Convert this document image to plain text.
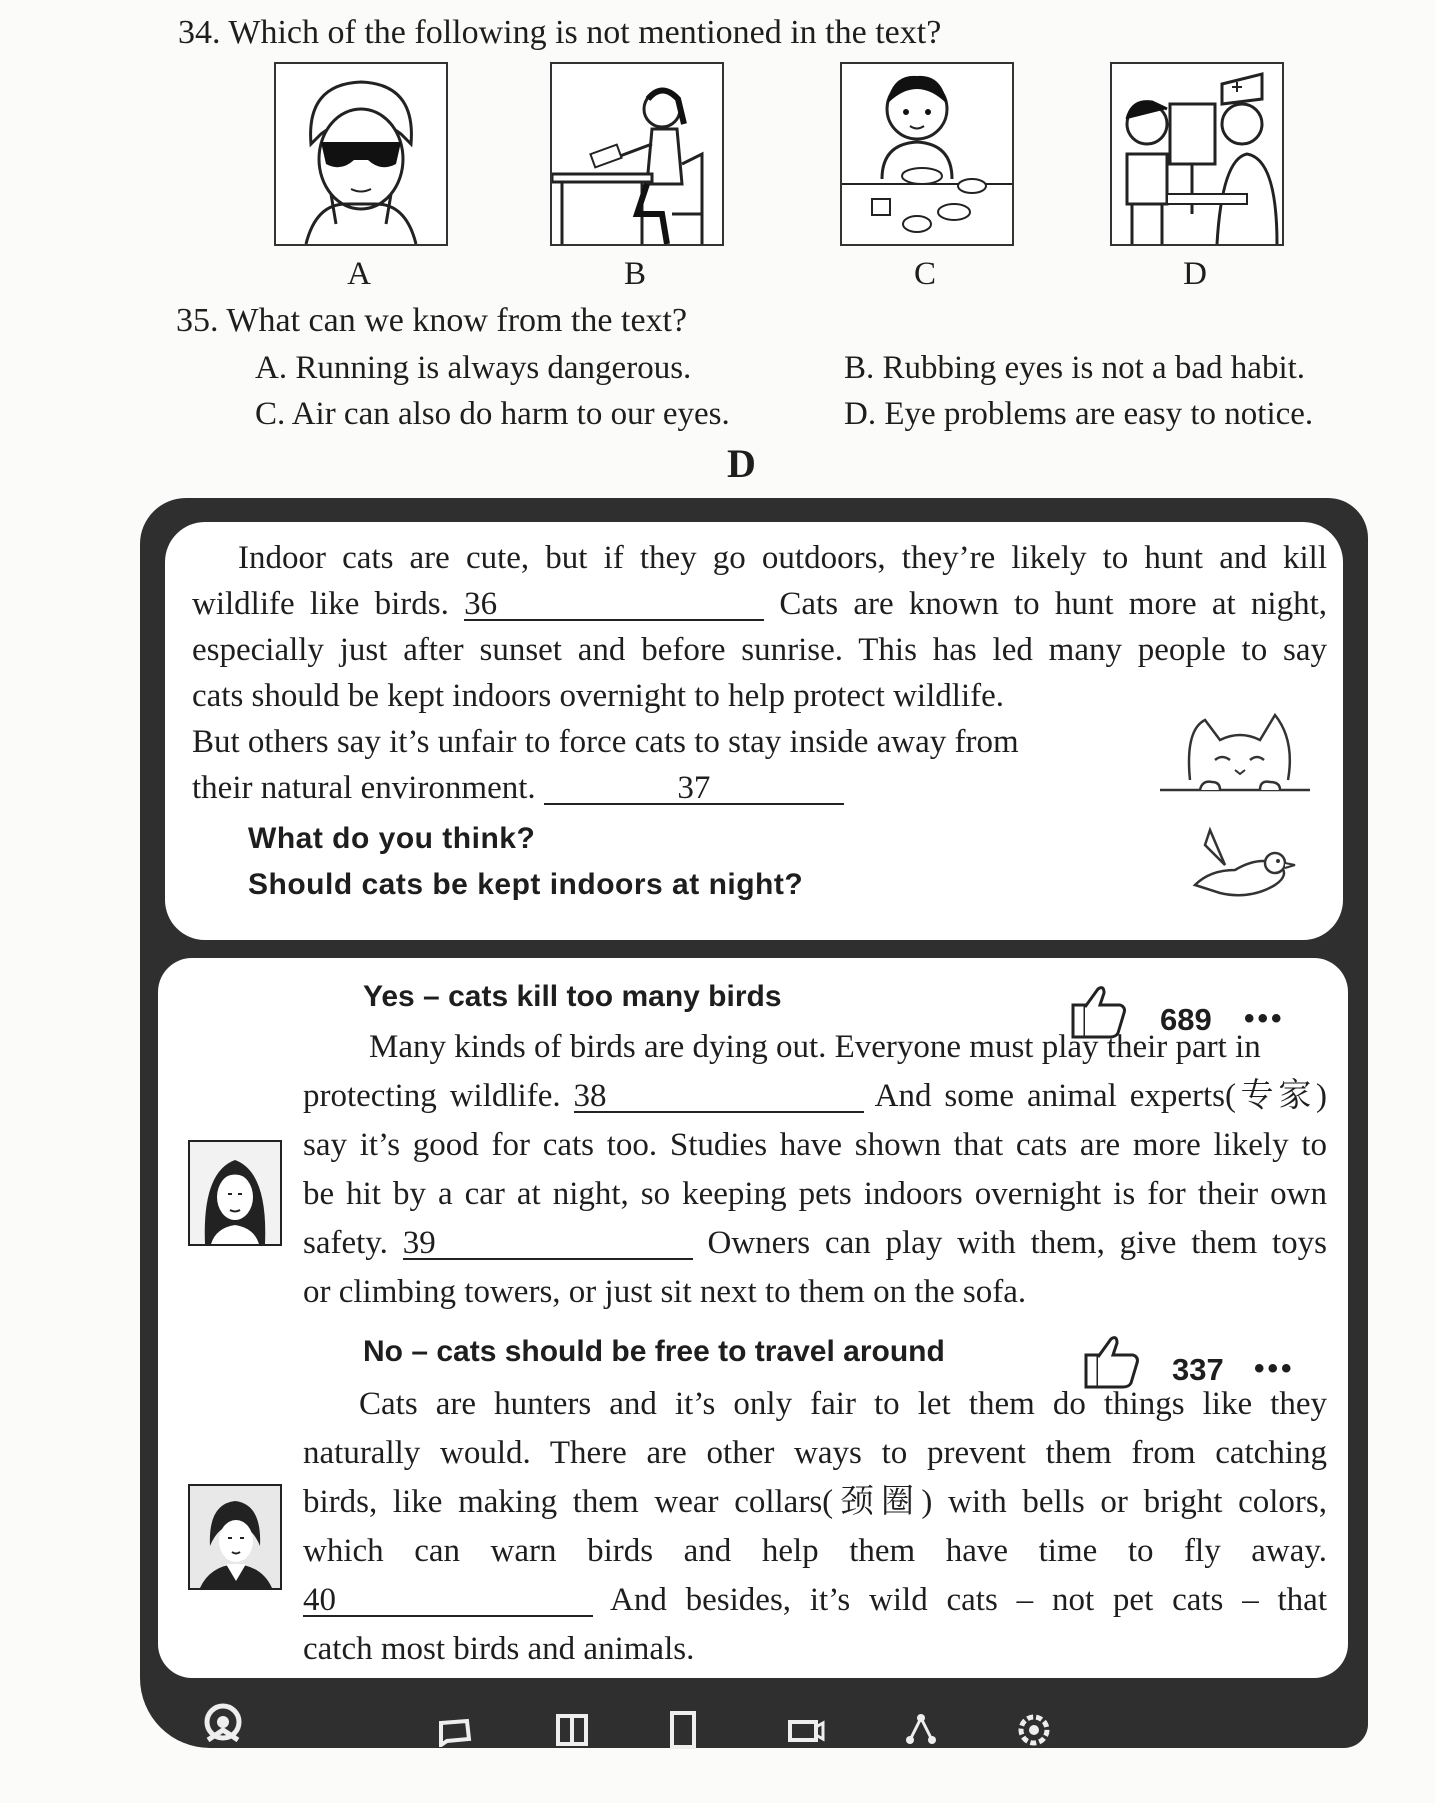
34. Which of the following is not mentioned in the text?
A	B	C	D
35. What can we know from the text?
A. Running is always dangerous.	B. Rubbing eyes is not a bad habit.
C. Air can also do harm to our eyes.	D. Eye problems are easy to notice.
D

Indoor cats are cute, but if they go outdoors, they’re likely to hunt and kill

wildlife like birds. 36	Cats are known to hunt more at night,

especially just after sunset and before sunrise. This has led many people to say

cats should be kept indoors overnight to help protect wildlife.

But others say it’s unfair to force cats to stay inside away from

their natural environment.	37

What do you think?
Should cats be kept indoors at night?
Yes – cats kill too many birds
689 •••

Many kinds of birds are dying out. Everyone must play their part in

protecting wildlife. 38	And some animal experts(专家)

say it’s good for cats too. Studies have shown that cats are more likely to

be hit by a car at night, so keeping pets indoors overnight is for their own

safety. 39	Owners can play with them, give them toys

or climbing towers, or just sit next to them on the sofa.

No – cats should be free to travel around
337 •••

Cats are hunters and it’s only fair to let them do things like they

naturally would. There are other ways to prevent them from catching

birds, like making them wear collars(颈圈) with bells or bright colors,

which can warn birds and help them have time to fly away.

40	And besides, it’s wild cats – not pet cats – that

catch most birds and animals.
